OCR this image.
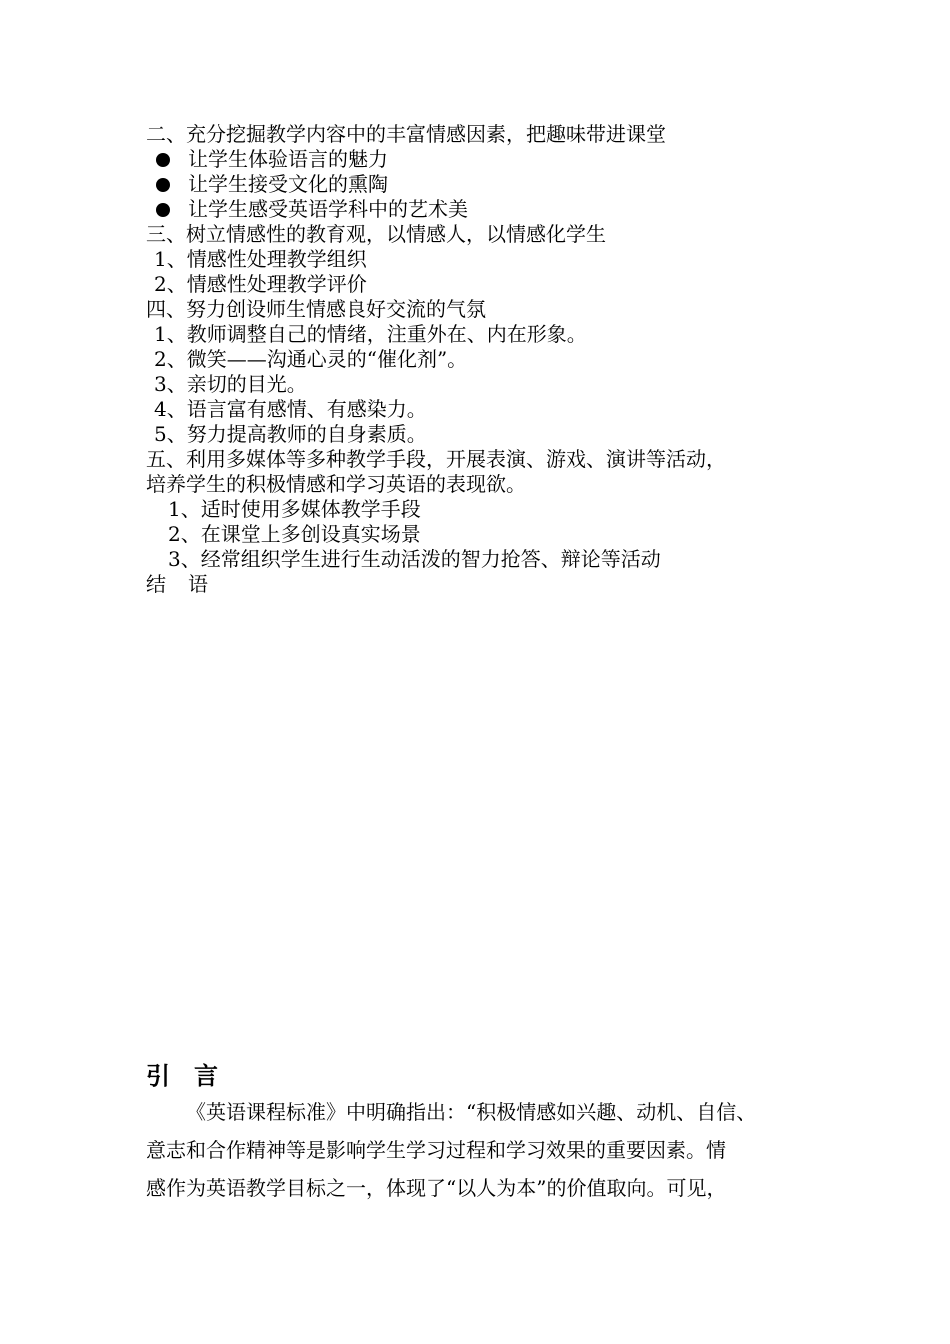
二、充分挖掘教学内容中的丰富情感因素，把趣味带进课堂
让学生体验语言的魅力
让学生接受文化的熏陶
让学生感受英语学科中的艺术美
三、树立情感性的教育观，以情感人，以情感化学生
1、情感性处理教学组织
2、情感性处理教学评价
四、努力创设师生情感良好交流的气氛
1、教师调整自己的情绪，注重外在、内在形象。
2、微笑——沟通心灵的“催化剂”。
3、亲切的目光。
4、语言富有感情、有感染力。
5、努力提高教师的自身素质。
五、利用多媒体等多种教学手段，开展表演、游戏、演讲等活动，
培养学生的积极情感和学习英语的表现欲。
1、适时使用多媒体教学手段
2、在课堂上多创设真实场景
3、经常组织学生进行生动活泼的智力抢答、辩论等活动
结 语
引 言
《英语课程标准》中明确指出：“积极情感如兴趣、动机、自信、
意志和合作精神等是影响学生学习过程和学习效果的重要因素。情
感作为英语教学目标之一，体现了“以人为本”的价值取向。可见，
